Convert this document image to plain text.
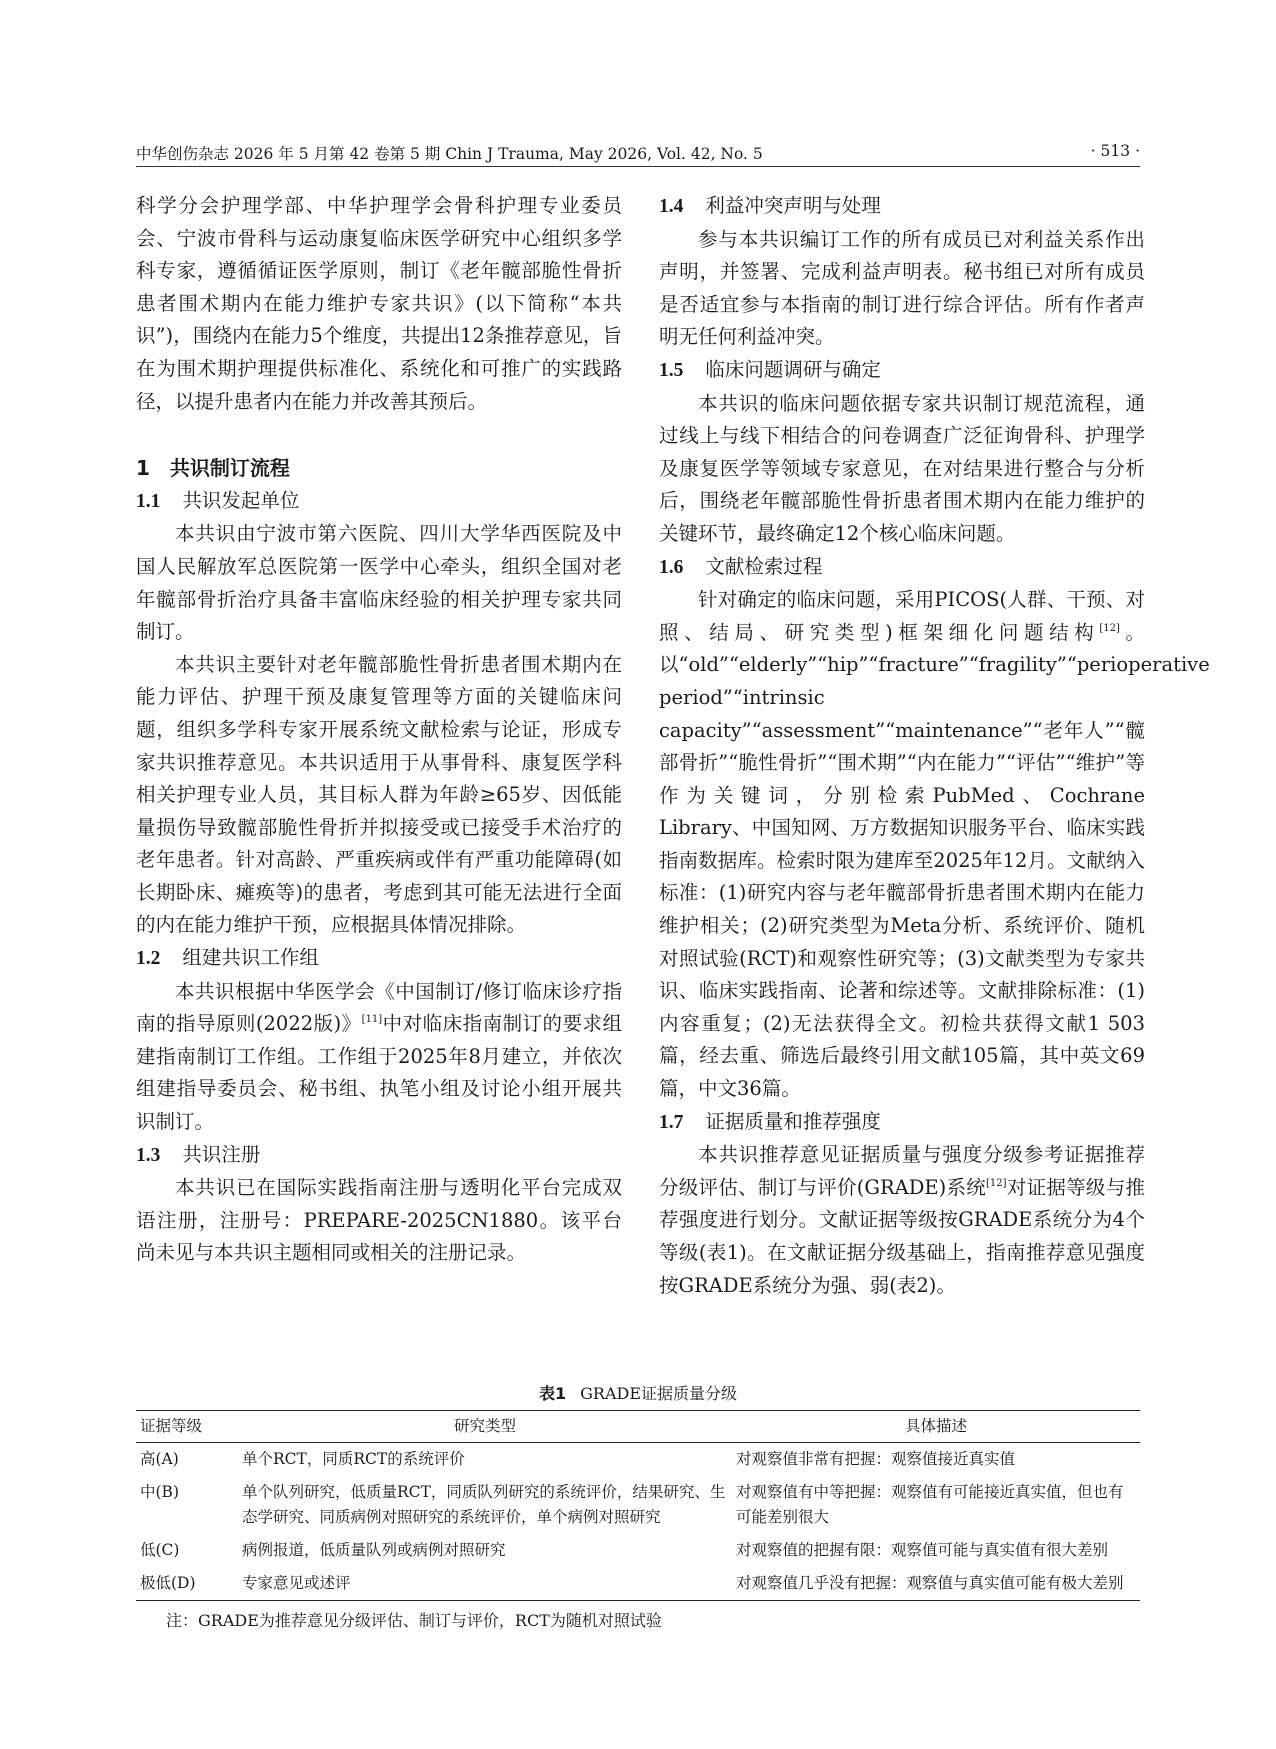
中华创伤杂志 2026 年 5 月第 42 卷第 5 期 Chin J Trauma, May 2026, Vol. 42, No. 5	· 513 ·

科学分会护理学部、中华护理学会骨科护理专业委员会、宁波市骨科与运动康复临床医学研究中心组织多学科专家，遵循循证医学原则，制订《老年髋部脆性骨折患者围术期内在能力维护专家共识》(以下简称“本共识”)，围绕内在能力5个维度，共提出12条推荐意见，旨在为围术期护理提供标准化、系统化和可推广的实践路径，以提升患者内在能力并改善其预后。

1 共识制订流程
1.1 共识发起单位

本共识由宁波市第六医院、四川大学华西医院及中国人民解放军总医院第一医学中心牵头，组织全国对老年髋部骨折治疗具备丰富临床经验的相关护理专家共同制订。

本共识主要针对老年髋部脆性骨折患者围术期内在能力评估、护理干预及康复管理等方面的关键临床问题，组织多学科专家开展系统文献检索与论证，形成专家共识推荐意见。本共识适用于从事骨科、康复医学科相关护理专业人员，其目标人群为年龄≥65岁、因低能量损伤导致髋部脆性骨折并拟接受或已接受手术治疗的老年患者。针对高龄、严重疾病或伴有严重功能障碍(如长期卧床、瘫痪等)的患者，考虑到其可能无法进行全面的内在能力维护干预，应根据具体情况排除。

1.2 组建共识工作组

本共识根据中华医学会《中国制订/修订临床诊疗指南的指导原则(2022版)》[11]中对临床指南制订的要求组建指南制订工作组。工作组于2025年8月建立，并依次组建指导委员会、秘书组、执笔小组及讨论小组开展共识制订。

1.3 共识注册

本共识已在国际实践指南注册与透明化平台完成双语注册，注册号：PREPARE-2025CN1880。该平台尚未见与本共识主题相同或相关的注册记录。

1.4 利益冲突声明与处理

参与本共识编订工作的所有成员已对利益关系作出声明，并签署、完成利益声明表。秘书组已对所有成员是否适宜参与本指南的制订进行综合评估。所有作者声明无任何利益冲突。

1.5 临床问题调研与确定

本共识的临床问题依据专家共识制订规范流程，通过线上与线下相结合的问卷调查广泛征询骨科、护理学及康复医学等领域专家意见，在对结果进行整合与分析后，围绕老年髋部脆性骨折患者围术期内在能力维护的关键环节，最终确定12个核心临床问题。

1.6 文献检索过程

针对确定的临床问题，采用PICOS(人群、干预、对照、结局、研究类型)框架细化问题结构[12]。以“old”“elderly”“hip”“fracture”“fragility”“perioperative period”“intrinsic capacity”“assessment”“maintenance”“老年人”“髋部骨折”“脆性骨折”“围术期”“内在能力”“评估”“维护”等作为关键词，分别检索PubMed、Cochrane Library、中国知网、万方数据知识服务平台、临床实践指南数据库。检索时限为建库至2025年12月。文献纳入标准：(1)研究内容与老年髋部骨折患者围术期内在能力维护相关；(2)研究类型为Meta分析、系统评价、随机对照试验(RCT)和观察性研究等；(3)文献类型为专家共识、临床实践指南、论著和综述等。文献排除标准：(1)内容重复；(2)无法获得全文。初检共获得文献1 503篇，经去重、筛选后最终引用文献105篇，其中英文69篇，中文36篇。

1.7 证据质量和推荐强度

本共识推荐意见证据质量与强度分级参考证据推荐分级评估、制订与评价(GRADE)系统[12]对证据等级与推荐强度进行划分。文献证据等级按GRADE系统分为4个等级(表1)。在文献证据分级基础上，指南推荐意见强度按GRADE系统分为强、弱(表2)。

表1 GRADE证据质量分级
证据等级	研究类型	具体描述
高(A)	单个RCT，同质RCT的系统评价	对观察值非常有把握：观察值接近真实值
中(B)	单个队列研究，低质量RCT，同质队列研究的系统评价，结果研究、生态学研究、同质病例对照研究的系统评价，单个病例对照研究	对观察值有中等把握：观察值有可能接近真实值，但也有可能差别很大
低(C)	病例报道，低质量队列或病例对照研究	对观察值的把握有限：观察值可能与真实值有很大差别
极低(D)	专家意见或述评	对观察值几乎没有把握：观察值与真实值可能有极大差别
注：GRADE为推荐意见分级评估、制订与评价，RCT为随机对照试验
